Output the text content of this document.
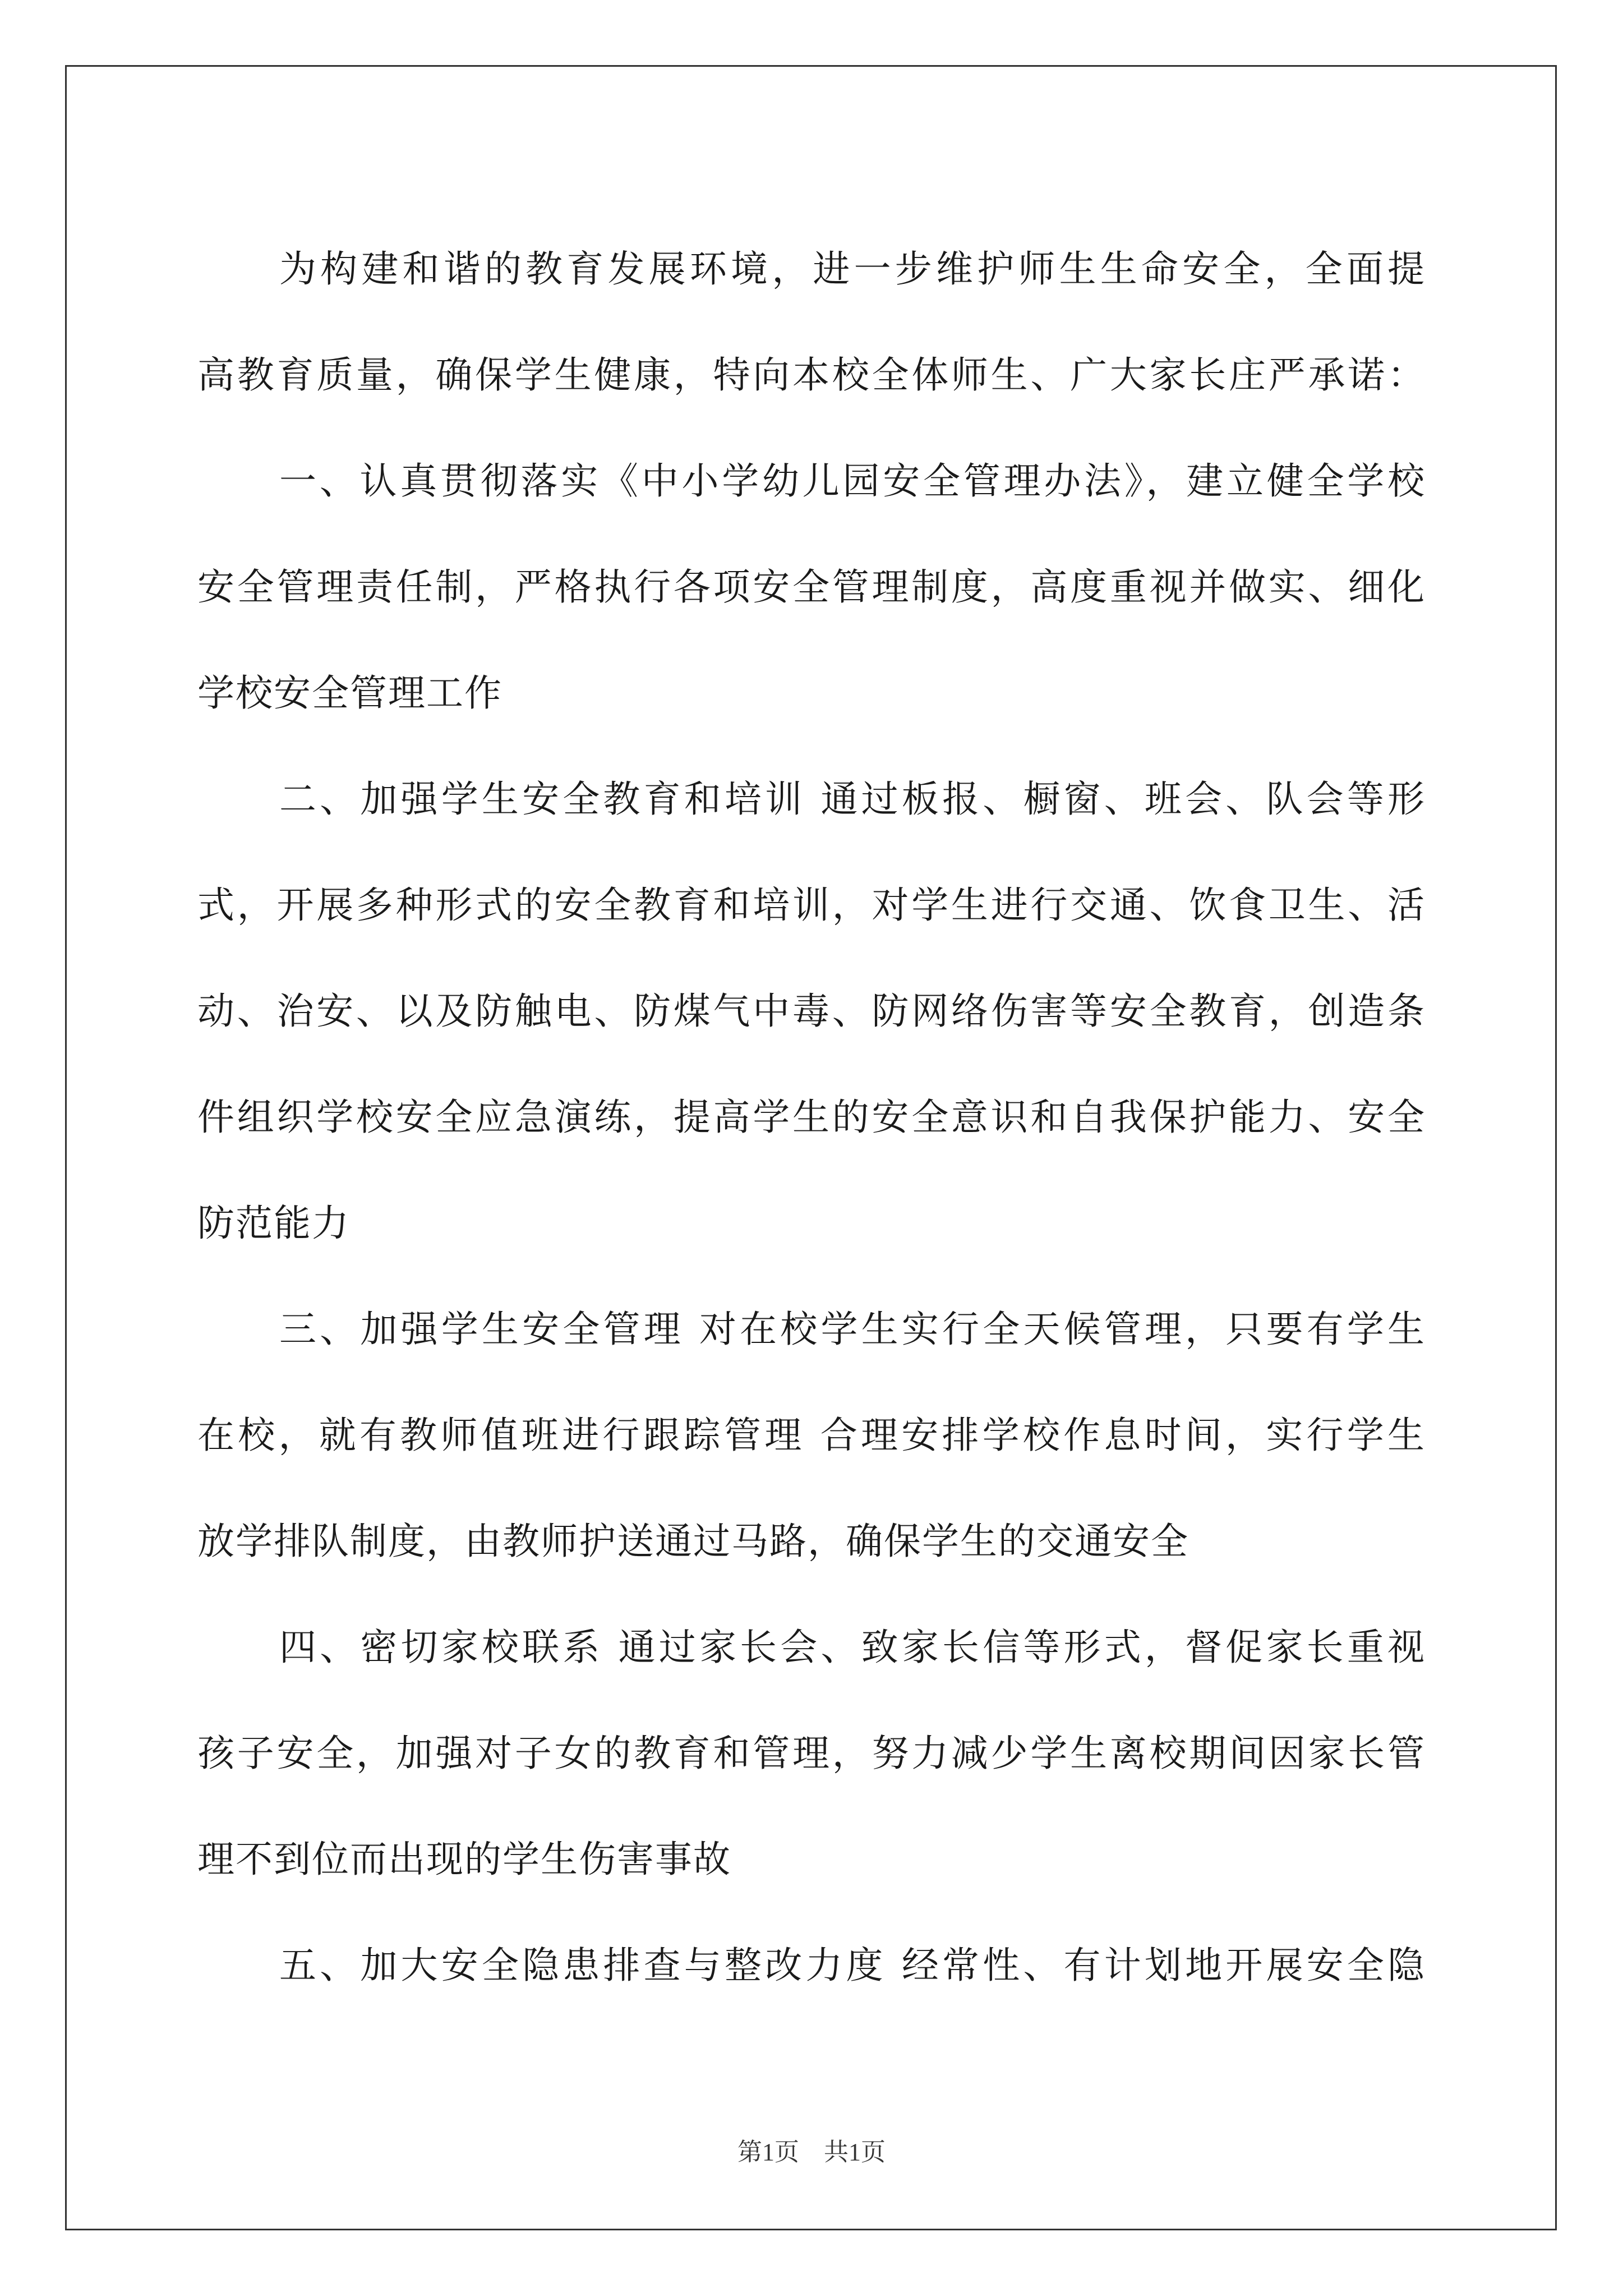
为构建和谐的教育发展环境，进一步维护师生生命安全，全面提
高教育质量，确保学生健康，特向本校全体师生、广大家长庄严承诺：
一、认真贯彻落实《中小学幼儿园安全管理办法》，建立健全学校
安全管理责任制，严格执行各项安全管理制度，高度重视并做实、细化
学校安全管理工作
二、加强学生安全教育和培训 通过板报、橱窗、班会、队会等形
式，开展多种形式的安全教育和培训，对学生进行交通、饮食卫生、活
动、治安、以及防触电、防煤气中毒、防网络伤害等安全教育，创造条
件组织学校安全应急演练，提高学生的安全意识和自我保护能力、安全
防范能力
三、加强学生安全管理 对在校学生实行全天候管理，只要有学生
在校，就有教师值班进行跟踪管理 合理安排学校作息时间，实行学生
放学排队制度，由教师护送通过马路，确保学生的交通安全
四、密切家校联系 通过家长会、致家长信等形式，督促家长重视
孩子安全，加强对子女的教育和管理，努力减少学生离校期间因家长管
理不到位而出现的学生伤害事故
五、加大安全隐患排查与整改力度 经常性、有计划地开展安全隐
第1页　共1页
